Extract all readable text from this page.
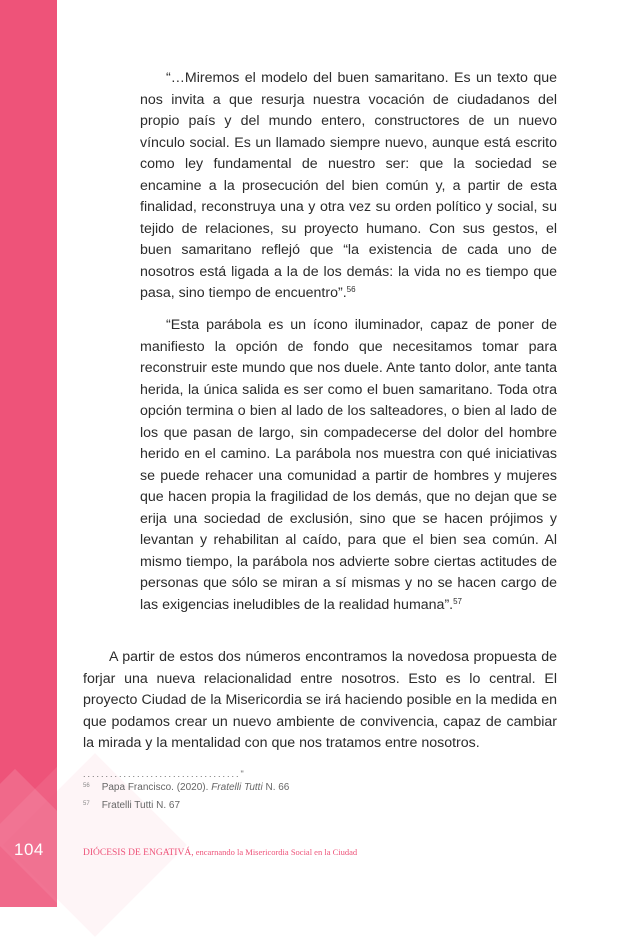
104

“…Miremos el modelo del buen samaritano. Es un texto que nos invita a que resurja nuestra vocación de ciudadanos del propio país y del mundo entero, constructores de un nuevo vínculo social. Es un llamado siempre nuevo, aunque está escrito como ley fundamental de nuestro ser: que la sociedad se encamine a la prosecución del bien común y, a partir de esta finalidad, reconstruya una y otra vez su orden político y social, su tejido de relaciones, su proyecto humano. Con sus gestos, el buen samaritano reflejó que “la existencia de cada uno de nosotros está ligada a la de los demás: la vida no es tiempo que pasa, sino tiempo de encuentro”.$^{56}$

“Esta parábola es un ícono iluminador, capaz de poner de manifiesto la opción de fondo que necesitamos tomar para reconstruir este mundo que nos duele. Ante tanto dolor, ante tanta herida, la única salida es ser como el buen samaritano. Toda otra opción termina o bien al lado de los salteadores, o bien al lado de los que pasan de largo, sin compadecerse del dolor del hombre herido en el camino. La parábola nos muestra con qué iniciativas se puede rehacer una comunidad a partir de hombres y mujeres que hacen propia la fragilidad de los demás, que no dejan que se erija una sociedad de exclusión, sino que se hacen prójimos y levantan y rehabilitan al caído, para que el bien sea común. Al mismo tiempo, la parábola nos advierte sobre ciertas actitudes de personas que sólo se miran a sí mismas y no se hacen cargo de las exigencias ineludibles de la realidad humana”.$^{57}$

A partir de estos dos números encontramos la novedosa propuesta de forjar una nueva relacionalidad entre nosotros. Esto es lo central. El proyecto Ciudad de la Misericordia se irá haciendo posible en la medida en que podamos crear un nuevo ambiente de convivencia, capaz de cambiar la mirada y la mentalidad con que nos tratamos entre nosotros.

..................................."
$^{56}$ Papa Francisco. (2020). Fratelli Tutti N. 66
$^{57}$ Fratelli Tutti N. 67
DIÓCESIS DE ENGATIVÁ, encarnando la Misericordia Social en la Ciudad
